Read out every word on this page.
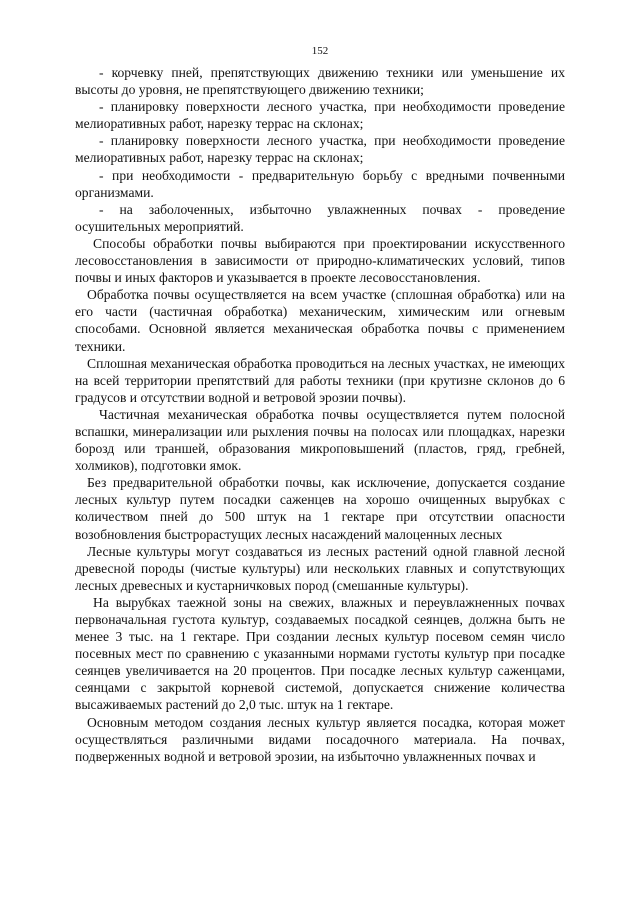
152

- корчевку пней, препятствующих движению техники или уменьшение их высоты до уровня, не препятствующего движению техники;

- планировку поверхности лесного участка, при необходимости проведение мелиоративных работ, нарезку террас на склонах;

- планировку поверхности лесного участка, при необходимости проведение мелиоративных работ, нарезку террас на склонах;

- при необходимости - предварительную борьбу с вредными почвенными организмами.

- на заболоченных, избыточно увлажненных почвах - проведение осушительных мероприятий.

Способы обработки почвы выбираются при проектировании искусственного лесовосстановления в зависимости от природно-климатических условий, типов почвы и иных факторов и указывается в проекте лесовосстановления.

Обработка почвы осуществляется на всем участке (сплошная обработка) или на его части (частичная обработка) механическим, химическим или огневым способами. Основной является механическая обработка почвы с применением техники.

Сплошная механическая обработка проводиться на лесных участках, не имеющих на всей территории препятствий для работы техники (при крутизне склонов до 6 градусов и отсутствии водной и ветровой эрозии почвы).

Частичная механическая обработка почвы осуществляется путем полосной вспашки, минерализации или рыхления почвы на полосах или площадках, нарезки борозд или траншей, образования микроповышений (пластов, гряд, гребней, холмиков), подготовки ямок.

Без предварительной обработки почвы, как исключение, допускается создание лесных культур путем посадки саженцев на хорошо очищенных вырубках с количеством пней до 500 штук на 1 гектаре при отсутствии опасности возобновления быстрорастущих лесных насаждений малоценных лесных

Лесные культуры могут создаваться из лесных растений одной главной лесной древесной породы (чистые культуры) или нескольких главных и сопутствующих лесных древесных и кустарничковых пород (смешанные культуры).

На вырубках таежной зоны на свежих, влажных и переувлажненных почвах первоначальная густота культур, создаваемых посадкой сеянцев, должна быть не менее 3 тыс. на 1 гектаре. При создании лесных культур посевом семян число посевных мест по сравнению с указанными нормами густоты культур при посадке сеянцев увеличивается на 20 процентов. При посадке лесных культур саженцами, сеянцами с закрытой корневой системой, допускается снижение количества высаживаемых растений до 2,0 тыс. штук на 1 гектаре.

Основным методом создания лесных культур является посадка, которая может осуществляться различными видами посадочного материала. На почвах, подверженных водной и ветровой эрозии, на избыточно увлажненных почвах и
